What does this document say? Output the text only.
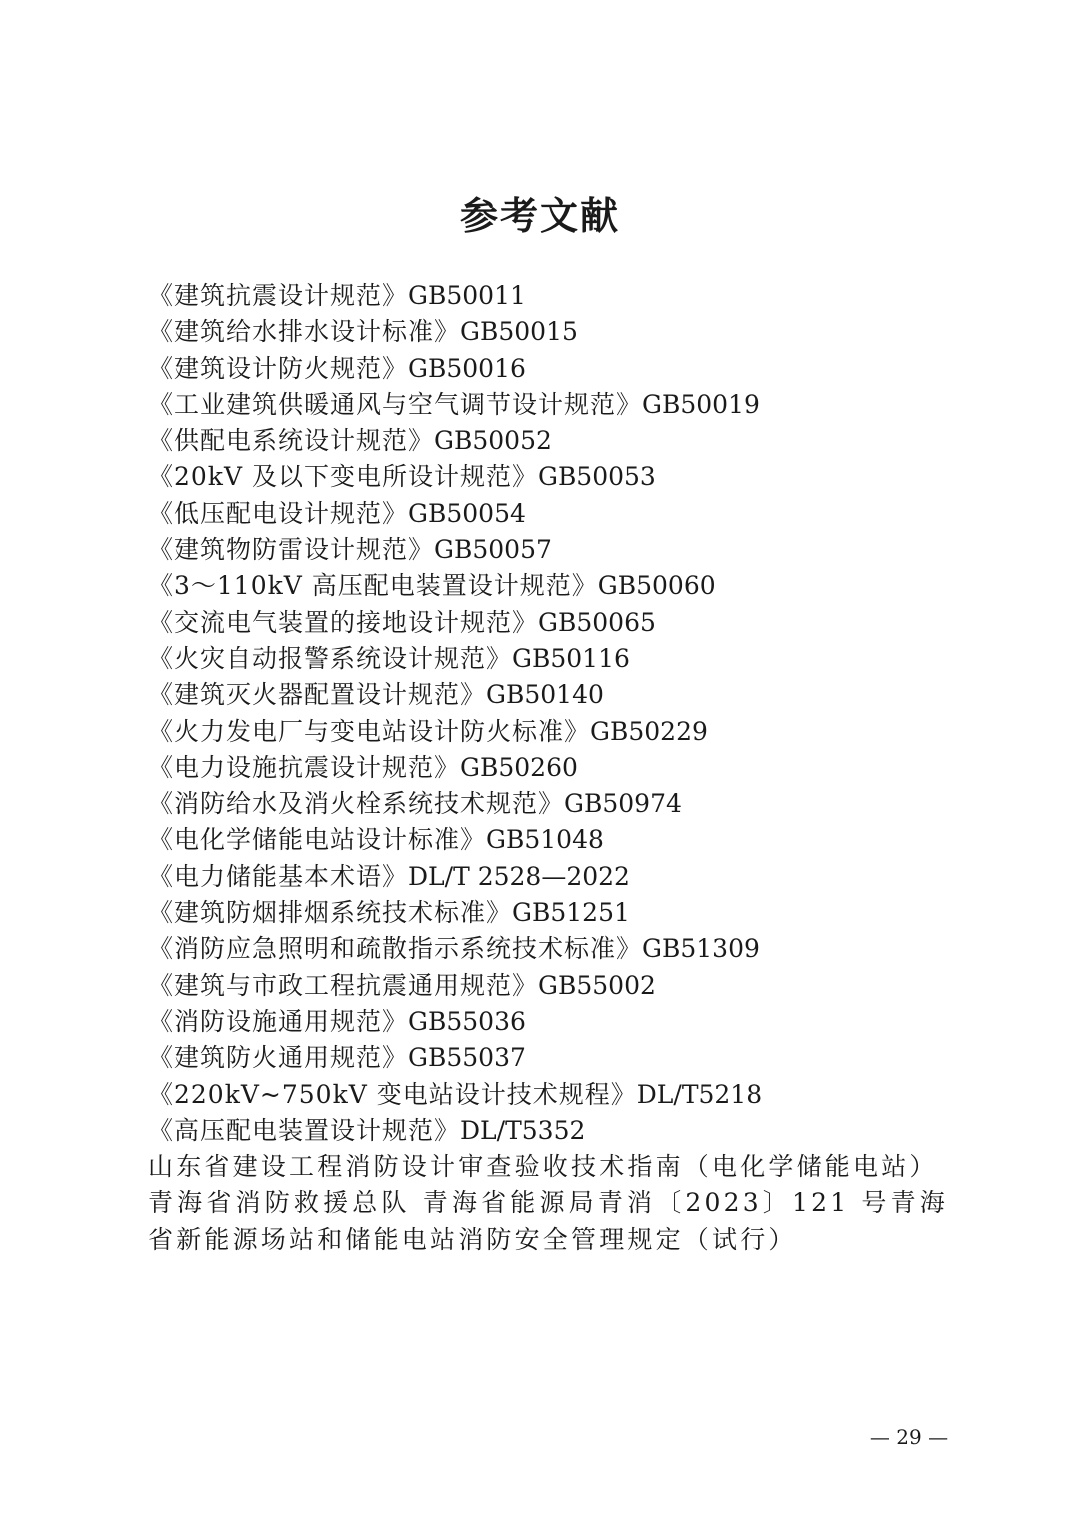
参考文献
《建筑抗震设计规范》GB50011
《建筑给水排水设计标准》GB50015
《建筑设计防火规范》GB50016
《工业建筑供暖通风与空气调节设计规范》GB50019
《供配电系统设计规范》GB50052
《20kV 及以下变电所设计规范》GB50053
《低压配电设计规范》GB50054
《建筑物防雷设计规范》GB50057
《3～110kV 高压配电装置设计规范》GB50060
《交流电气装置的接地设计规范》GB50065
《火灾自动报警系统设计规范》GB50116
《建筑灭火器配置设计规范》GB50140
《火力发电厂与变电站设计防火标准》GB50229
《电力设施抗震设计规范》GB50260
《消防给水及消火栓系统技术规范》GB50974
《电化学储能电站设计标准》GB51048
《电力储能基本术语》DL/T 2528—2022
《建筑防烟排烟系统技术标准》GB51251
《消防应急照明和疏散指示系统技术标准》GB51309
《建筑与市政工程抗震通用规范》GB55002
《消防设施通用规范》GB55036
《建筑防火通用规范》GB55037
《220kV~750kV 变电站设计技术规程》DL/T5218
《高压配电装置设计规范》DL/T5352
山东省建设工程消防设计审查验收技术指南（电化学储能电站）
青海省消防救援总队 青海省能源局青消〔2023〕121 号青海省新能源场站和储能电站消防安全管理规定（试行）
— 29 —
